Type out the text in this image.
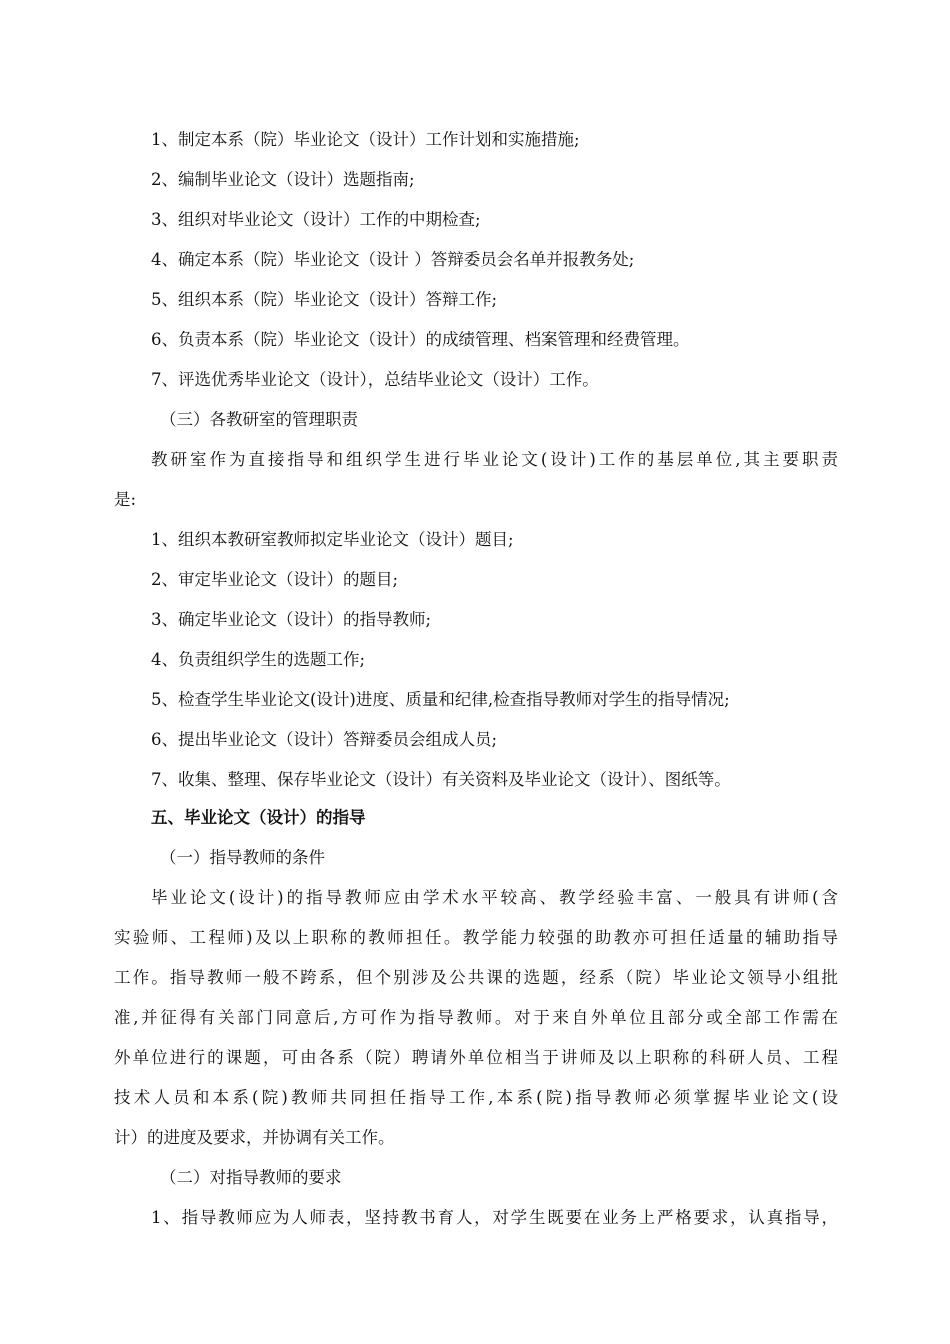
1、制定本系（院）毕业论文（设计）工作计划和实施措施;
2、编制毕业论文（设计）选题指南;
3、组织对毕业论文（设计）工作的中期检查;
4、确定本系（院）毕业论文（设计 ）答辩委员会名单并报教务处;
5、组织本系（院）毕业论文（设计）答辩工作;
6、负责本系（院）毕业论文（设计）的成绩管理、档案管理和经费管理。
7、评选优秀毕业论文（设计），总结毕业论文（设计）工作。
（三）各教研室的管理职责
教研室作为直接指导和组织学生进行毕业论文(设计)工作的基层单位,其主要职责
是:
1、组织本教研室教师拟定毕业论文（设计）题目;
2、审定毕业论文（设计）的题目;
3、确定毕业论文（设计）的指导教师;
4、负责组织学生的选题工作;
5、检查学生毕业论文(设计)进度、质量和纪律,检查指导教师对学生的指导情况;
6、提出毕业论文（设计）答辩委员会组成人员;
7、收集、整理、保存毕业论文（设计）有关资料及毕业论文（设计）、图纸等。
五、毕业论文（设计）的指导
（一）指导教师的条件
毕业论文(设计)的指导教师应由学术水平较高、教学经验丰富、一般具有讲师(含
实验师、工程师)及以上职称的教师担任。教学能力较强的助教亦可担任适量的辅助指导
工作。指导教师一般不跨系，但个别涉及公共课的选题，经系（院）毕业论文领导小组批
准,并征得有关部门同意后,方可作为指导教师。对于来自外单位且部分或全部工作需在
外单位进行的课题，可由各系（院）聘请外单位相当于讲师及以上职称的科研人员、工程
技术人员和本系(院)教师共同担任指导工作,本系(院)指导教师必须掌握毕业论文(设
计）的进度及要求，并协调有关工作。
（二）对指导教师的要求
1、指导教师应为人师表，坚持教书育人，对学生既要在业务上严格要求，认真指导，
